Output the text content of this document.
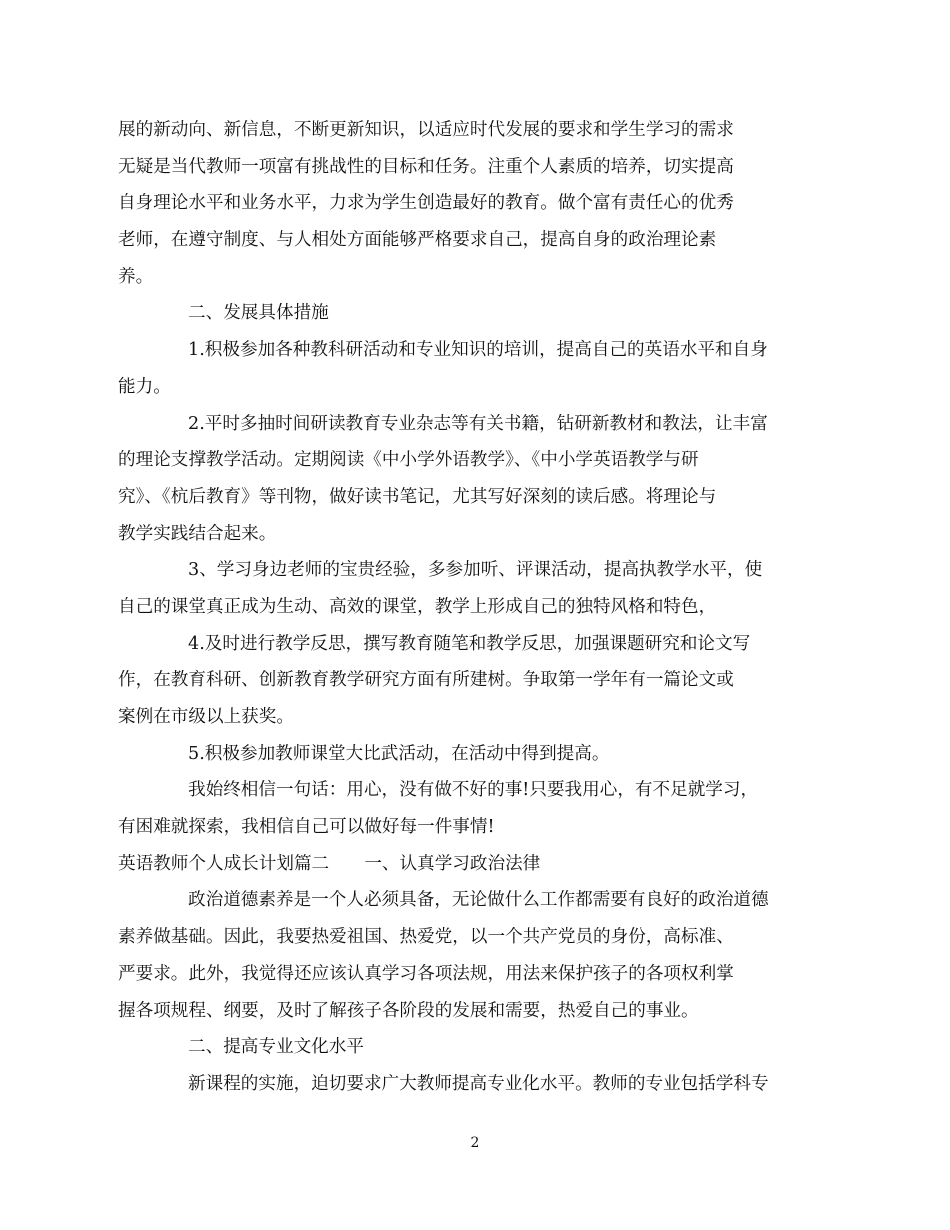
展的新动向、新信息，不断更新知识，以适应时代发展的要求和学生学习的需求
无疑是当代教师一项富有挑战性的目标和任务。注重个人素质的培养，切实提高
自身理论水平和业务水平，力求为学生创造最好的教育。做个富有责任心的优秀
老师，在遵守制度、与人相处方面能够严格要求自己，提高自身的政治理论素
养。
二、发展具体措施
1.积极参加各种教科研活动和专业知识的培训，提高自己的英语水平和自身
能力。
2.平时多抽时间研读教育专业杂志等有关书籍，钻研新教材和教法，让丰富
的理论支撑教学活动。定期阅读《中小学外语教学》、《中小学英语教学与研
究》、《杭后教育》等刊物，做好读书笔记，尤其写好深刻的读后感。将理论与
教学实践结合起来。
3、学习身边老师的宝贵经验，多参加听、评课活动，提高执教学水平，使
自己的课堂真正成为生动、高效的课堂，教学上形成自己的独特风格和特色，
4.及时进行教学反思，撰写教育随笔和教学反思，加强课题研究和论文写
作，在教育科研、创新教育教学研究方面有所建树。争取第一学年有一篇论文或
案例在市级以上获奖。
5.积极参加教师课堂大比武活动，在活动中得到提高。
我始终相信一句话：用心，没有做不好的事!只要我用心，有不足就学习，
有困难就探索，我相信自己可以做好每一件事情!
英语教师个人成长计划篇二　　一、认真学习政治法律
政治道德素养是一个人必须具备，无论做什么工作都需要有良好的政治道德
素养做基础。因此，我要热爱祖国、热爱党，以一个共产党员的身份，高标准、
严要求。此外，我觉得还应该认真学习各项法规，用法来保护孩子的各项权利掌
握各项规程、纲要，及时了解孩子各阶段的发展和需要，热爱自己的事业。
二、提高专业文化水平
新课程的实施，迫切要求广大教师提高专业化水平。教师的专业包括学科专
2
